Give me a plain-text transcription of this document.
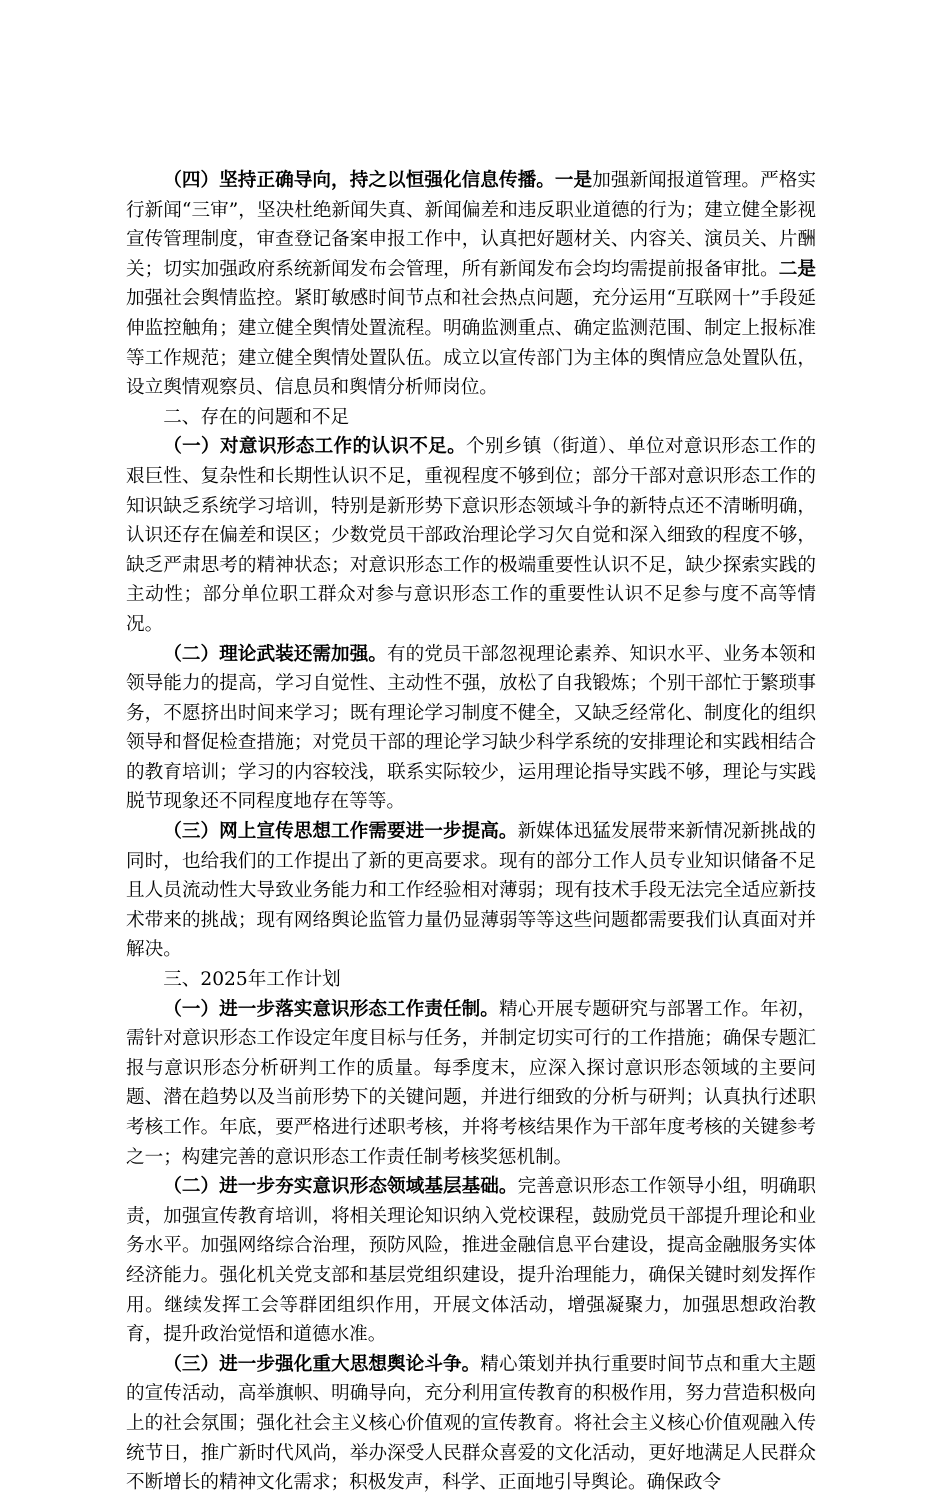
（四）坚持正确导向，持之以恒强化信息传播。一是加强新闻报道管理。严格实行新闻“三审”，坚决杜绝新闻失真、新闻偏差和违反职业道德的行为；建立健全影视宣传管理制度，审查登记备案申报工作中，认真把好题材关、内容关、演员关、片酬关；切实加强政府系统新闻发布会管理，所有新闻发布会均均需提前报备审批。二是加强社会舆情监控。紧盯敏感时间节点和社会热点问题，充分运用“互联网十”手段延伸监控触角；建立健全舆情处置流程。明确监测重点、确定监测范围、制定上报标准等工作规范；建立健全舆情处置队伍。成立以宣传部门为主体的舆情应急处置队伍，设立舆情观察员、信息员和舆情分析师岗位。

二、存在的问题和不足

（一）对意识形态工作的认识不足。个别乡镇（街道）、单位对意识形态工作的艰巨性、复杂性和长期性认识不足，重视程度不够到位；部分干部对意识形态工作的知识缺乏系统学习培训，特别是新形势下意识形态领域斗争的新特点还不清晰明确，认识还存在偏差和误区；少数党员干部政治理论学习欠自觉和深入细致的程度不够，缺乏严肃思考的精神状态；对意识形态工作的极端重要性认识不足，缺少探索实践的主动性；部分单位职工群众对参与意识形态工作的重要性认识不足参与度不高等情况。

（二）理论武装还需加强。有的党员干部忽视理论素养、知识水平、业务本领和领导能力的提高，学习自觉性、主动性不强，放松了自我锻炼；个别干部忙于繁琐事务，不愿挤出时间来学习；既有理论学习制度不健全，又缺乏经常化、制度化的组织领导和督促检查措施；对党员干部的理论学习缺少科学系统的安排理论和实践相结合的教育培训；学习的内容较浅，联系实际较少，运用理论指导实践不够，理论与实践脱节现象还不同程度地存在等等。

（三）网上宣传思想工作需要进一步提高。新媒体迅猛发展带来新情况新挑战的同时，也给我们的工作提出了新的更高要求。现有的部分工作人员专业知识储备不足且人员流动性大导致业务能力和工作经验相对薄弱；现有技术手段无法完全适应新技术带来的挑战；现有网络舆论监管力量仍显薄弱等等这些问题都需要我们认真面对并解决。

三、2025年工作计划

（一）进一步落实意识形态工作责任制。精心开展专题研究与部署工作。年初，需针对意识形态工作设定年度目标与任务，并制定切实可行的工作措施；确保专题汇报与意识形态分析研判工作的质量。每季度末，应深入探讨意识形态领域的主要问题、潜在趋势以及当前形势下的关键问题，并进行细致的分析与研判；认真执行述职考核工作。年底，要严格进行述职考核，并将考核结果作为干部年度考核的关键参考之一；构建完善的意识形态工作责任制考核奖惩机制。

（二）进一步夯实意识形态领域基层基础。完善意识形态工作领导小组，明确职责，加强宣传教育培训，将相关理论知识纳入党校课程，鼓励党员干部提升理论和业务水平。加强网络综合治理，预防风险，推进金融信息平台建设，提高金融服务实体经济能力。强化机关党支部和基层党组织建设，提升治理能力，确保关键时刻发挥作用。继续发挥工会等群团组织作用，开展文体活动，增强凝聚力，加强思想政治教育，提升政治觉悟和道德水准。

（三）进一步强化重大思想舆论斗争。精心策划并执行重要时间节点和重大主题的宣传活动，高举旗帜、明确导向，充分利用宣传教育的积极作用，努力营造积极向上的社会氛围；强化社会主义核心价值观的宣传教育。将社会主义核心价值观融入传统节日，推广新时代风尚，举办深受人民群众喜爱的文化活动，更好地满足人民群众不断增长的精神文化需求；积极发声，科学、正面地引导舆论。确保政令
